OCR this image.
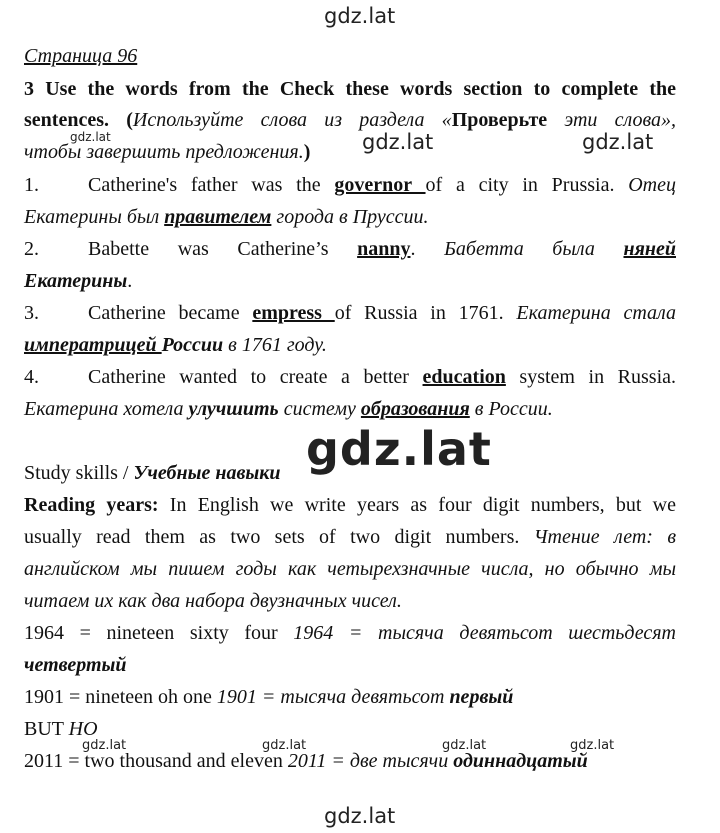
gdz.lat
gdz.lat	gdz.lat	gdz.lat
gdz.lat
gdz.lat	gdz.lat	gdz.lat	gdz.lat
gdz.lat
Страница 96
3 Use the words from the Check these words section to complete the
sentences. (Используйте слова из раздела «Проверьте эти слова»,
чтобы завершить предложения.)
1. Catherine's father was the governor of a city in Prussia. Отец
Екатерины был правителем города в Пруссии.
2. Babette was Catherine’s nanny. Бабетта была няней
Екатерины.
3. Catherine became empress of Russia in 1761. Екатерина стала
императрицей России в 1761 году.
4. Catherine wanted to create a better education system in Russia.
Екатерина хотела улучшить систему образования в России.
Study skills / Учебные навыки
Reading years: In English we write years as four digit numbers, but we
usually read them as two sets of two digit numbers. Чтение лет: в
английском мы пишем годы как четырехзначные числа, но обычно мы
читаем их как два набора двузначных чисел.
1964 = nineteen sixty four 1964 = тысяча девятьсот шестьдесят
четвертый
1901 = nineteen oh one 1901 = тысяча девятьсот первый
BUT НО
2011 = two thousand and eleven 2011 = две тысячи одиннадцатый
